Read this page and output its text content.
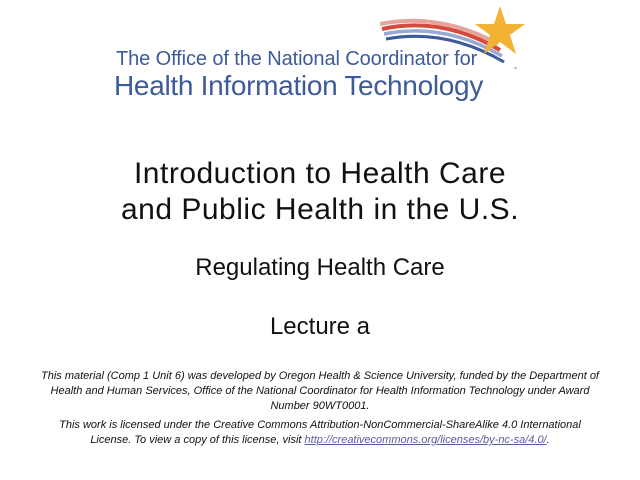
™
The Office of the National Coordinator for
Health Information Technology
Introduction to Health Care
and Public Health in the U.S.
Regulating Health Care
Lecture a

This material (Comp 1 Unit 6) was developed by Oregon Health & Science University, funded by the Department of Health and Human Services, Office of the National Coordinator for Health Information Technology under Award Number 90WT0001.

This work is licensed under the Creative Commons Attribution-NonCommercial-ShareAlike 4.0 International License. To view a copy of this license, visit http://creativecommons.org/licenses/by-nc-sa/4.0/.
